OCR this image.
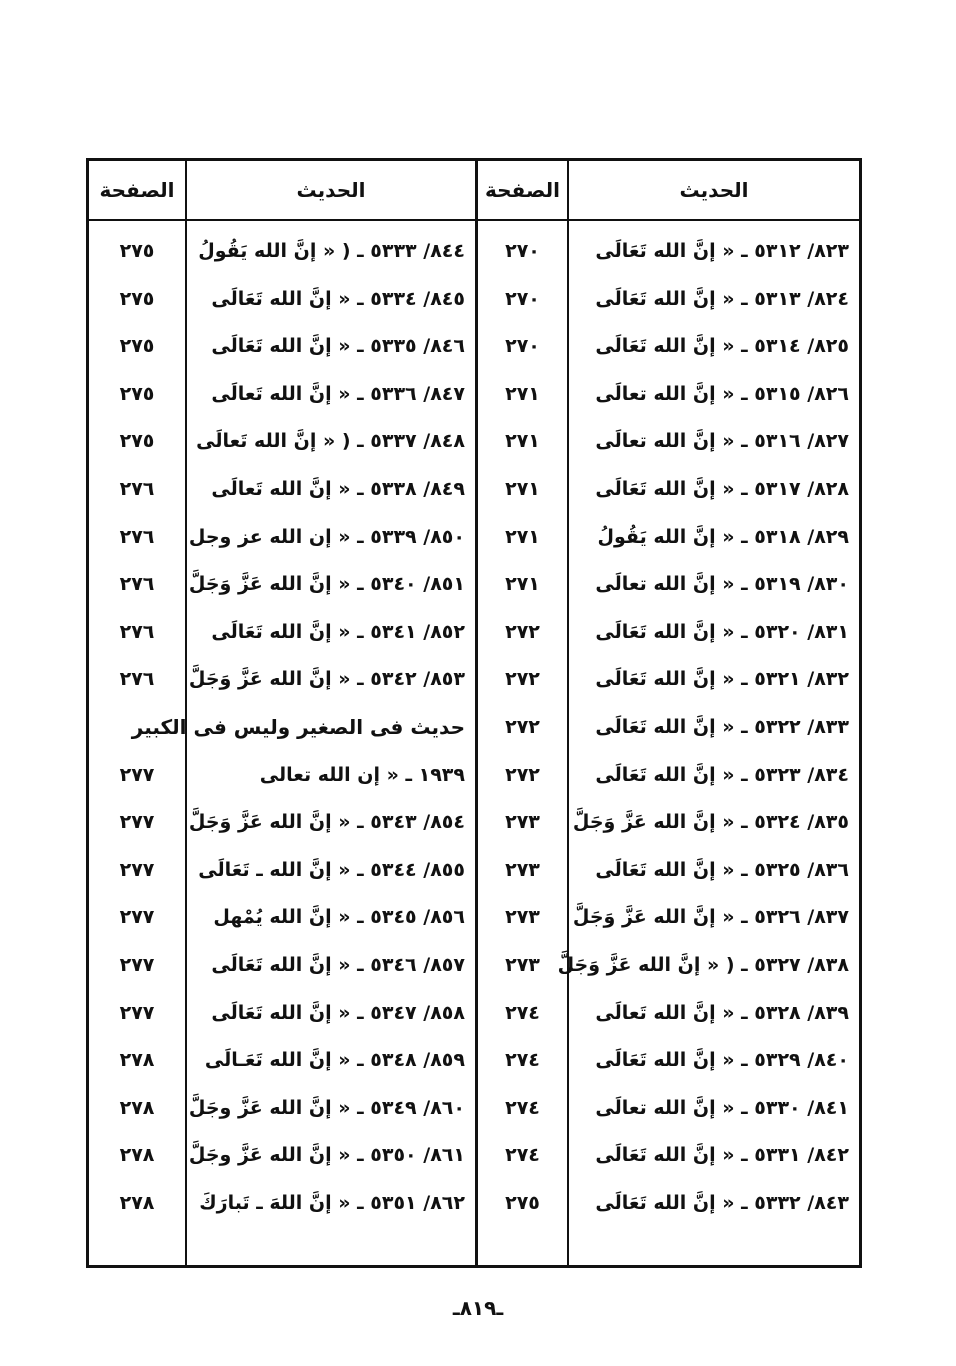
الحديث
الصفحة
الحديث
الصفحة
٨٢٣/ ٥٣١٢ ـ « إنَّ الله تَعَالَى
٢٧٠
٨٢٤/ ٥٣١٣ ـ « إنَّ الله تَعَالَى
٢٧٠
٨٢٥/ ٥٣١٤ ـ « إنَّ الله تَعَالَى
٢٧٠
٨٢٦/ ٥٣١٥ ـ « إنَّ الله تعالَى
٢٧١
٨٢٧/ ٥٣١٦ ـ « إنَّ الله تعالَى
٢٧١
٨٢٨/ ٥٣١٧ ـ « إنَّ الله تَعَالَى
٢٧١
٨٢٩/ ٥٣١٨ ـ « إنَّ الله يَقُولُ
٢٧١
٨٣٠/ ٥٣١٩ ـ « إنَّ الله تعالَى
٢٧١
٨٣١/ ٥٣٢٠ ـ « إنَّ الله تَعَالَى
٢٧٢
٨٣٢/ ٥٣٢١ ـ « إنَّ الله تَعَالَى
٢٧٢
٨٣٣/ ٥٣٢٢ ـ « إنَّ الله تَعَالَى
٢٧٢
٨٣٤/ ٥٣٢٣ ـ « إنَّ الله تَعَالَى
٢٧٢
٨٣٥/ ٥٣٢٤ ـ « إنَّ الله عَزَّ وَجَلَّ
٢٧٣
٨٣٦/ ٥٣٢٥ ـ « إنَّ الله تَعَالَى
٢٧٣
٨٣٧/ ٥٣٢٦ ـ « إنَّ الله عَزَّ وَجَلَّ
٢٧٣
٨٣٨/ ٥٣٢٧ ـ ( « إنَّ الله عَزَّ وَجَلَّ
٢٧٣
٨٣٩/ ٥٣٢٨ ـ « إنَّ الله تَعالَى
٢٧٤
٨٤٠/ ٥٣٢٩ ـ « إنَّ الله تَعَالَى
٢٧٤
٨٤١/ ٥٣٣٠ ـ « إنَّ الله تعالَى
٢٧٤
٨٤٢/ ٥٣٣١ ـ « إنَّ الله تَعَالَى
٢٧٤
٨٤٣/ ٥٣٣٢ ـ « إنَّ الله تَعَالَى
٢٧٥
٨٤٤/ ٥٣٣٣ ـ ( « إنَّ الله يَقُولُ
٢٧٥
٨٤٥/ ٥٣٣٤ ـ « إنَّ الله تَعَالَى
٢٧٥
٨٤٦/ ٥٣٣٥ ـ « إنَّ الله تَعَالَى
٢٧٥
٨٤٧/ ٥٣٣٦ ـ « إنَّ الله تَعالَى
٢٧٥
٨٤٨/ ٥٣٣٧ ـ ( « إنَّ الله تَعالَى
٢٧٥
٨٤٩/ ٥٣٣٨ ـ « إنَّ الله تَعالَى
٢٧٦
٨٥٠/ ٥٣٣٩ ـ « إن الله عز وجل
٢٧٦
٨٥١/ ٥٣٤٠ ـ « إنَّ الله عَزَّ وَجَلَّ
٢٧٦
٨٥٢/ ٥٣٤١ ـ « إنَّ الله تَعَالَى
٢٧٦
٨٥٣/ ٥٣٤٢ ـ « إنَّ الله عَزَّ وَجَلَّ
٢٧٦
حديث فى الصغير وليس فى الكبير
١٩٣٩ ـ « إن الله تعالى
٢٧٧
٨٥٤/ ٥٣٤٣ ـ « إنَّ الله عَزَّ وَجَلَّ
٢٧٧
٨٥٥/ ٥٣٤٤ ـ « إنَّ الله ـ تَعَالَى
٢٧٧
٨٥٦/ ٥٣٤٥ ـ « إنَّ الله يُمْهل
٢٧٧
٨٥٧/ ٥٣٤٦ ـ « إنَّ الله تَعَالَى
٢٧٧
٨٥٨/ ٥٣٤٧ ـ « إنَّ الله تَعَالَى
٢٧٧
٨٥٩/ ٥٣٤٨ ـ « إنَّ الله تَعَـالَى
٢٧٨
٨٦٠/ ٥٣٤٩ ـ « إنَّ الله عَزَّ وجَلَّ
٢٧٨
٨٦١/ ٥٣٥٠ ـ « إنَّ الله عَزَّ وجَلَّ
٢٧٨
٨٦٢/ ٥٣٥١ ـ « إنَّ اللهَ ـ تَبارَكَ
٢٧٨
ـ٨١٩ـ
